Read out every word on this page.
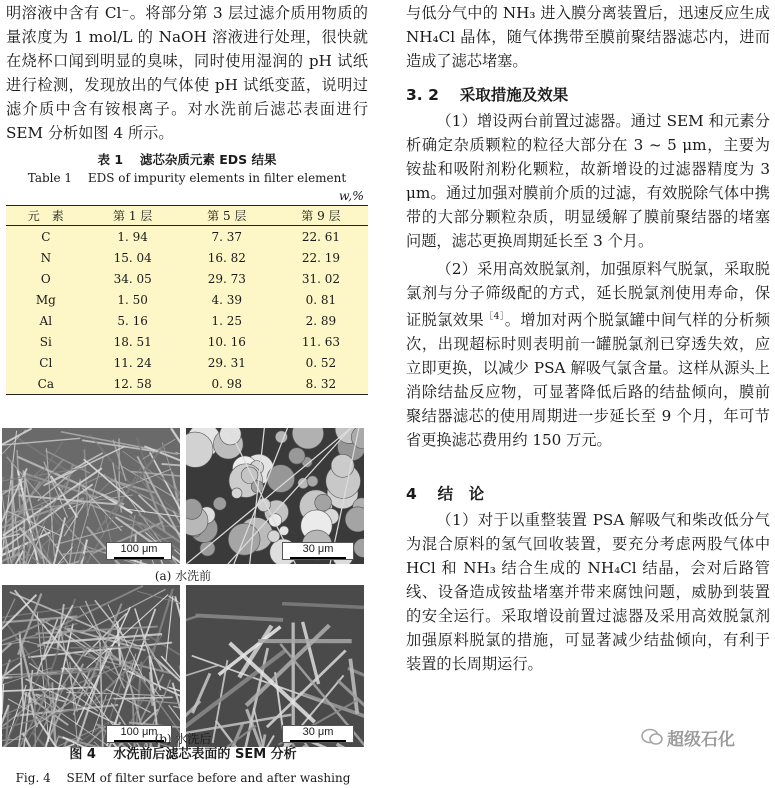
明溶液中含有 Cl⁻。将部分第 3 层过滤介质用物质的量浓度为 1 mol/L 的 NaOH 溶液进行处理，很快就在烧杯口闻到明显的臭味，同时使用湿润的 pH 试纸进行检测，发现放出的气体使 pH 试纸变蓝，说明过滤介质中含有铵根离子。对水洗前后滤芯表面进行 SEM 分析如图 4 所示。

表 1　 滤芯杂质元素 EDS 结果
Table 1 　EDS of impurity elements in filter element
w,%
元　素	第 1 层	第 5 层	第 9 层
C	1. 94	7. 37	22. 61
N	15. 04	16. 82	22. 19
O	34. 05	29. 73	31. 02
Mg	1. 50	4. 39	0. 81
Al	5. 16	1. 25	2. 89
Si	18. 51	10. 16	11. 63
Cl	11. 24	29. 31	0. 52
Ca	12. 58	0. 98	8. 32
100 μm	30 μm
(a) 水洗前
100 μm	30 μm
(b) 水洗后
图 4　 水洗前后滤芯表面的 SEM 分析
Fig. 4 　SEM of filter surface before and after washing

与低分气中的 NH₃ 进入膜分离装置后，迅速反应生成 NH₄Cl 晶体，随气体携带至膜前聚结器滤芯内，进而造成了滤芯堵塞。

3. 2 　采取措施及效果

（1）增设两台前置过滤器。通过 SEM 和元素分析确定杂质颗粒的粒径大部分在 3 ~ 5 μm，主要为铵盐和吸附剂粉化颗粒，故新增设的过滤器精度为 3 μm。通过加强对膜前介质的过滤，有效脱除气体中携带的大部分颗粒杂质，明显缓解了膜前聚结器的堵塞问题，滤芯更换周期延长至 3 个月。

（2）采用高效脱氯剂，加强原料气脱氯，采取脱氯剂与分子筛级配的方式，延长脱氯剂使用寿命，保证脱氯效果$^{[4]}$。增加对两个脱氯罐中间气样的分析频次，出现超标时则表明前一罐脱氯剂已穿透失效，应立即更换，以减少 PSA 解吸气氯含量。这样从源头上消除结盐反应物，可显著降低后路的结盐倾向，膜前聚结器滤芯的使用周期进一步延长至 9 个月，年可节省更换滤芯费用约 150 万元。

4 　结　论

（1）对于以重整装置 PSA 解吸气和柴改低分气为混合原料的氢气回收装置，要充分考虑两股气体中 HCl 和 NH₃ 结合生成的 NH₄Cl 结晶，会对后路管线、设备造成铵盐堵塞并带来腐蚀问题，威胁到装置的安全运行。采取增设前置过滤器及采用高效脱氯剂加强原料脱氯的措施，可显著减少结盐倾向，有利于装置的长周期运行。

超级石化
